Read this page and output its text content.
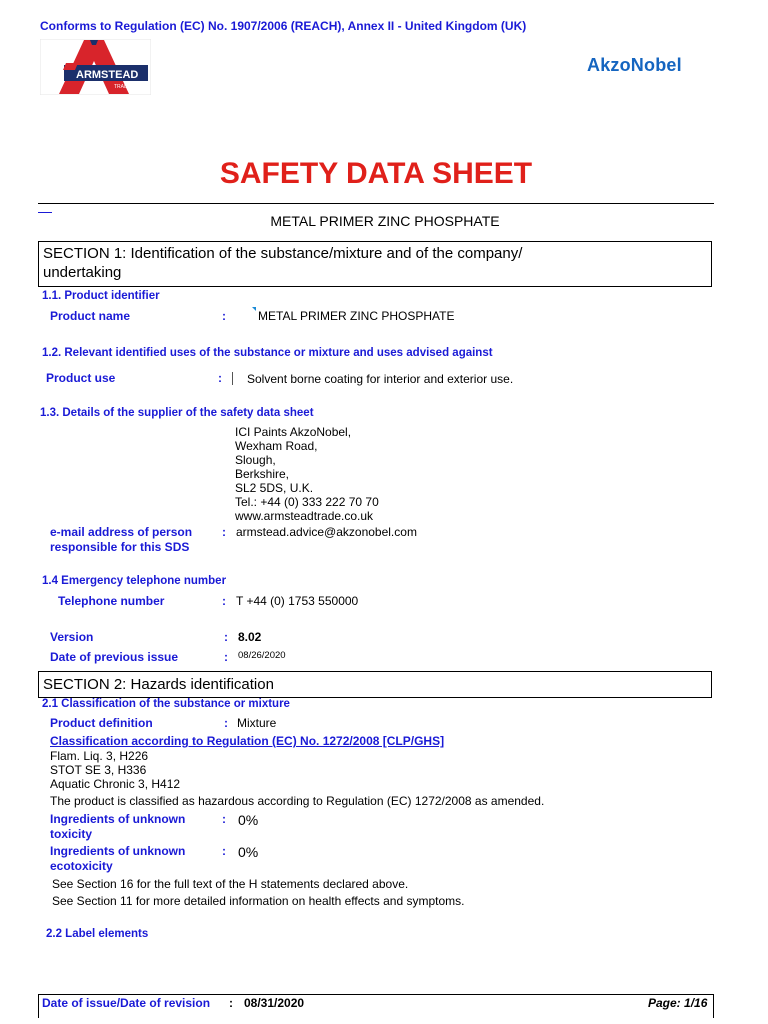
Conforms to Regulation (EC) No. 1907/2006 (REACH), Annex II - United Kingdom (UK)
ARMSTEAD
TRADE
AkzoNobel
SAFETY DATA SHEET
METAL PRIMER ZINC PHOSPHATE
SECTION 1: Identification of the substance/mixture and of the company/
undertaking
1.1. Product identifier
Product name	:	METAL PRIMER ZINC PHOSPHATE
1.2. Relevant identified uses of the substance or mixture and uses advised against
Product use	: Solvent borne coating for interior and exterior use.
1.3. Details of the supplier of the safety data sheet
ICI Paints AkzoNobel,
Wexham Road,
Slough,
Berkshire,
SL2 5DS, U.K.
Tel.: +44 (0) 333 222 70 70
www.armsteadtrade.co.uk
e-mail address of person
responsible for this SDS
: armstead.advice@akzonobel.com
1.4 Emergency telephone number
Telephone number	: T +44 (0) 1753 550000
Version	: 8.02
Date of previous issue	: 08/26/2020
SECTION 2: Hazards identification
2.1 Classification of the substance or mixture
Product definition	: Mixture
Classification according to Regulation (EC) No. 1272/2008 [CLP/GHS]
Flam. Liq. 3, H226
STOT SE 3, H336
Aquatic Chronic 3, H412
The product is classified as hazardous according to Regulation (EC) 1272/2008 as amended.
Ingredients of unknown
toxicity
: 0%
Ingredients of unknown
ecotoxicity
: 0%
See Section 16 for the full text of the H statements declared above.
See Section 11 for more detailed information on health effects and symptoms.
2.2 Label elements
Date of issue/Date of revision : 08/31/2020	Page: 1/16
